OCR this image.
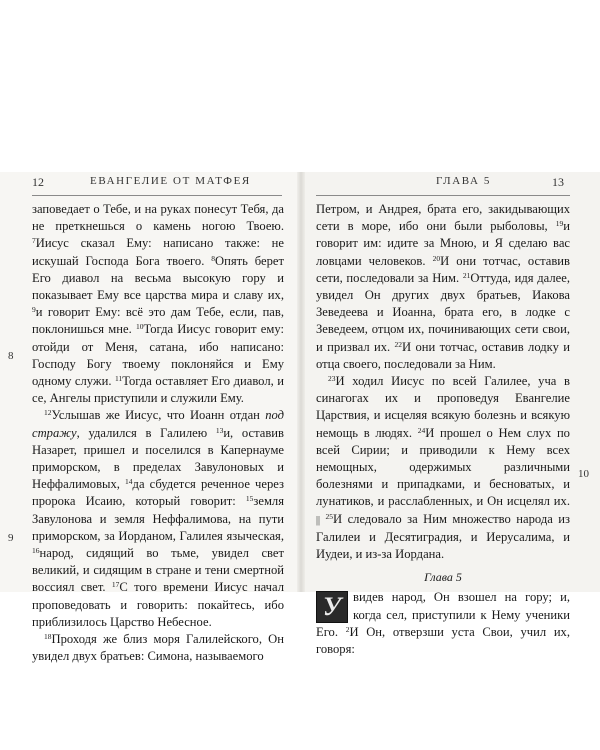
12	ЕВАНГЕЛИЕ ОТ МАТФЕЯ	ГЛАВА 5	13
8
9
10

заповедает о Тебе, и на руках понесут Тебя, да не преткнешься о камень ногою Твоею. $^7$Иисус сказал Ему: написано также: не искушай Господа Бога твоего. $^8$Опять берет Его диавол на весьма высокую гору и показывает Ему все царства мира и славу их, $^9$и говорит Ему: всё это дам Тебе, если, пав, поклонишься мне. $^{10}$Тогда Иисус говорит ему: отойди от Меня, сатана, ибо написано: Господу Богу твоему поклоняйся и Ему одному служи. $^{11}$Тогда оставляет Его диавол, и се, Ангелы приступили и служили Ему.

$^{12}$Услышав же Иисус, что Иоанн отдан под стражу, удалился в Галилею $^{13}$и, оставив Назарет, пришел и поселился в Капернауме приморском, в пределах Завулоновых и Неффалимовых, $^{14}$да сбудется реченное через пророка Исаию, который говорит: $^{15}$земля Завулонова и земля Неффалимова, на пути приморском, за Иорданом, Галилея языческая, $^{16}$народ, сидящий во тьме, увидел свет великий, и сидящим в стране и тени смертной воссиял свет. $^{17}$С того времени Иисус начал проповедовать и говорить: покайтесь, ибо приблизилось Царство Небесное.

$^{18}$Проходя же близ моря Галилейского, Он увидел двух братьев: Симона, называемого

Петром, и Андрея, брата его, закидывающих сети в море, ибо они были рыболовы, $^{19}$и говорит им: идите за Мною, и Я сделаю вас ловцами человеков. $^{20}$И они тотчас, оставив сети, последовали за Ним. $^{21}$Оттуда, идя далее, увидел Он других двух братьев, Иакова Зеведеева и Иоанна, брата его, в лодке с Зеведеем, отцом их, починивающих сети свои, и призвал их. $^{22}$И они тотчас, оставив лодку и отца своего, последовали за Ним.

$^{23}$И ходил Иисус по всей Галилее, уча в синагогах их и проповедуя Евангелие Царствия, и исцеляя всякую болезнь и всякую немощь в людях. $^{24}$И прошел о Нем слух по всей Сирии; и приводили к Нему всех немощных, одержимых различными болезнями и припадками, и бесноватых, и лунатиков, и расслабленных, и Он исцелял их. || $^{25}$И следовало за Ним множество народа из Галилеи и Десятиградия, и Иерусалима, и Иудеи, и из-за Иордана.

Глава 5

У видев народ, Он взошел на гору; и, когда сел, приступили к Нему ученики Его. $^2$И Он, отверзши уста Свои, учил их, говоря:
